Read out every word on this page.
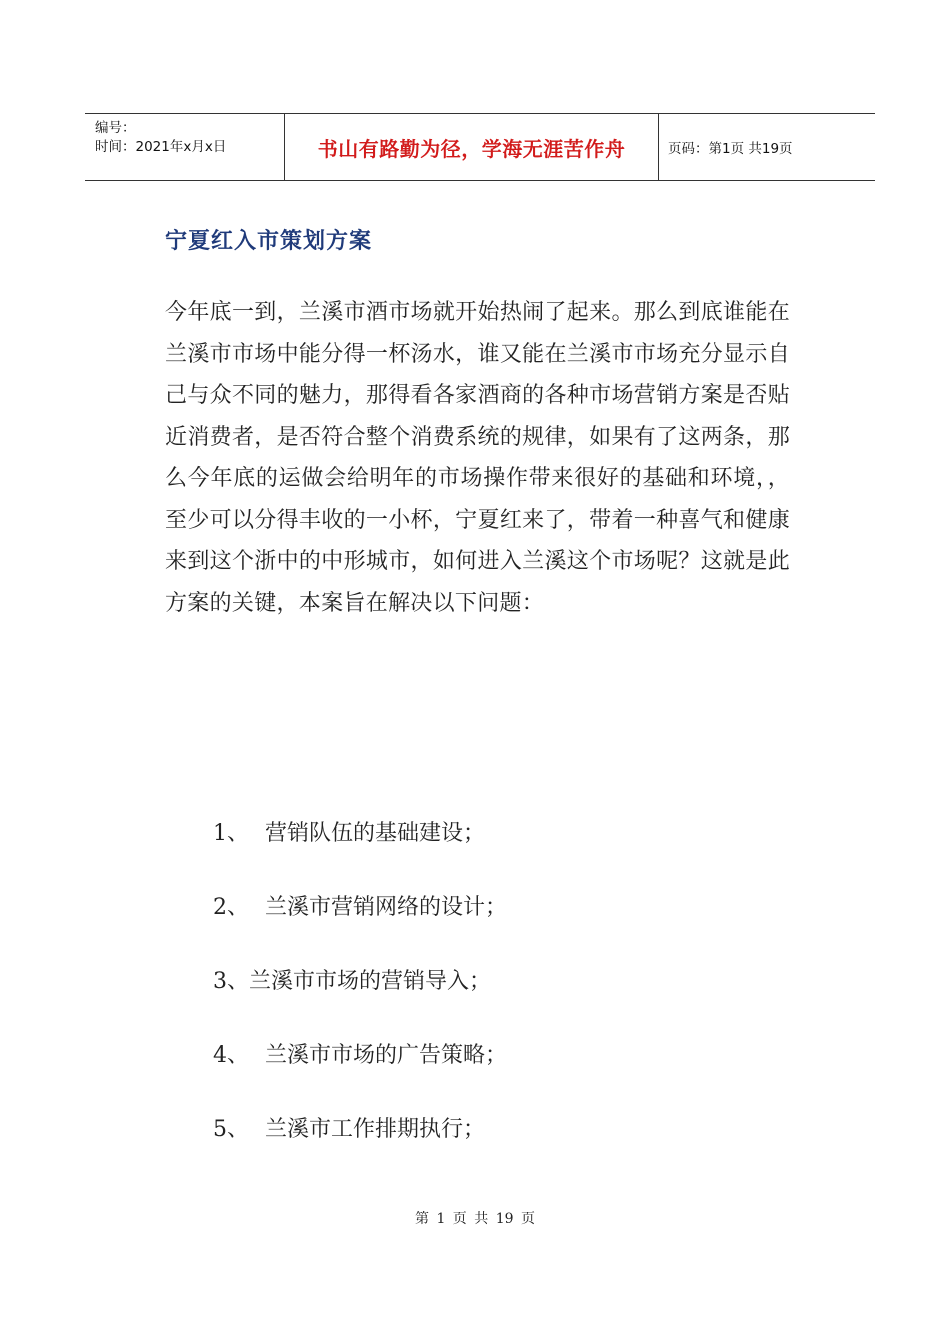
编号：
时间：2021年x月x日	书山有路勤为径，学海无涯苦作舟	页码：第1页 共19页
宁夏红入市策划方案

今年底一到，兰溪市酒市场就开始热闹了起来。那么到底谁能在兰溪市市场中能分得一杯汤水，谁又能在兰溪市市场充分显示自己与众不同的魅力，那得看各家酒商的各种市场营销方案是否贴近消费者，是否符合整个消费系统的规律，如果有了这两条，那么今年底的运做会给明年的市场操作带来很好的基础和环境，，至少可以分得丰收的一小杯，宁夏红来了，带着一种喜气和健康来到这个浙中的中形城市，如何进入兰溪这个市场呢？这就是此方案的关键，本案旨在解决以下问题：

1、 营销队伍的基础建设；
2、 兰溪市营销网络的设计；
3、兰溪市市场的营销导入；
4、 兰溪市市场的广告策略；
5、 兰溪市工作排期执行；
第 1 页 共 19 页
